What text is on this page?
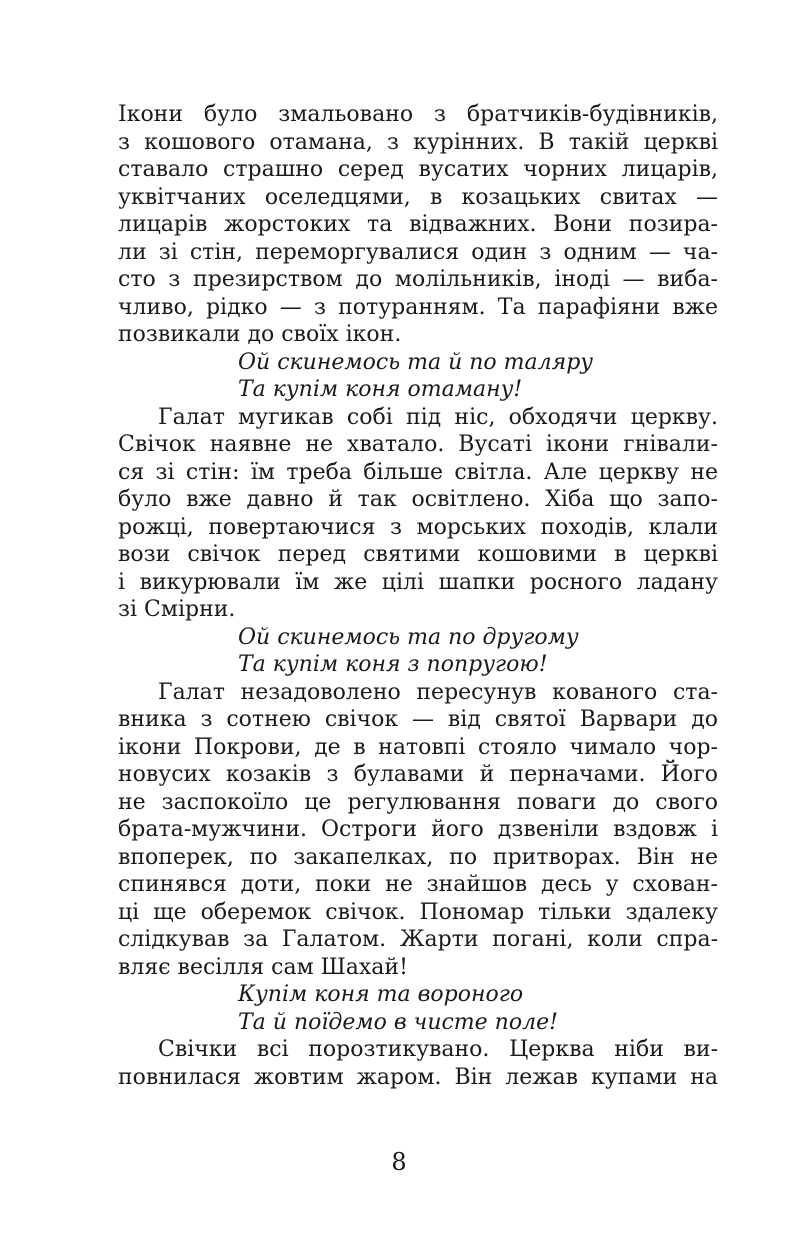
Ікони було змальовано з братчиків-будівників,
з кошового отамана, з курінних. В такій церкві
ставало страшно серед вусатих чорних лицарів,
уквітчаних оселедцями, в козацьких свитах —
лицарів жорстоких та відважних. Вони позира-
ли зі стін, переморгувалися один з одним — ча-
сто з презирством до молільників, іноді — виба-
чливо, рідко — з потуранням. Та парафіяни вже
позвикали до своїх ікон.
Ой скинемось та й по таляру
Та купім коня отаману!
Галат мугикав собі під ніс, обходячи церкву.
Свічок наявне не хватало. Вусаті ікони гнівали-
ся зі стін: їм треба більше світла. Але церкву не
було вже давно й так освітлено. Хіба що запо-
рожці, повертаючися з морських походів, клали
вози свічок перед святими кошовими в церкві
і викурювали їм же цілі шапки росного ладану
зі Смірни.
Ой скинемось та по другому
Та купім коня з попругою!
Галат незадоволено пересунув кованого ста-
вника з сотнею свічок — від святої Варвари до
ікони Покрови, де в натовпі стояло чимало чор-
новусих козаків з булавами й перначами. Його
не заспокоїло це регулювання поваги до свого
брата-мужчини. Остроги його дзвеніли вздовж і
впоперек, по закапелках, по притворах. Він не
спинявся доти, поки не знайшов десь у схован-
ці ще оберемок свічок. Пономар тільки здалеку
слідкував за Галатом. Жарти погані, коли спра-
вляє весілля сам Шахай!
Купім коня та вороного
Та й поїдемо в чисте поле!
Свічки всі порозтикувано. Церква ніби ви-
повнилася жовтим жаром. Він лежав купами на
8
